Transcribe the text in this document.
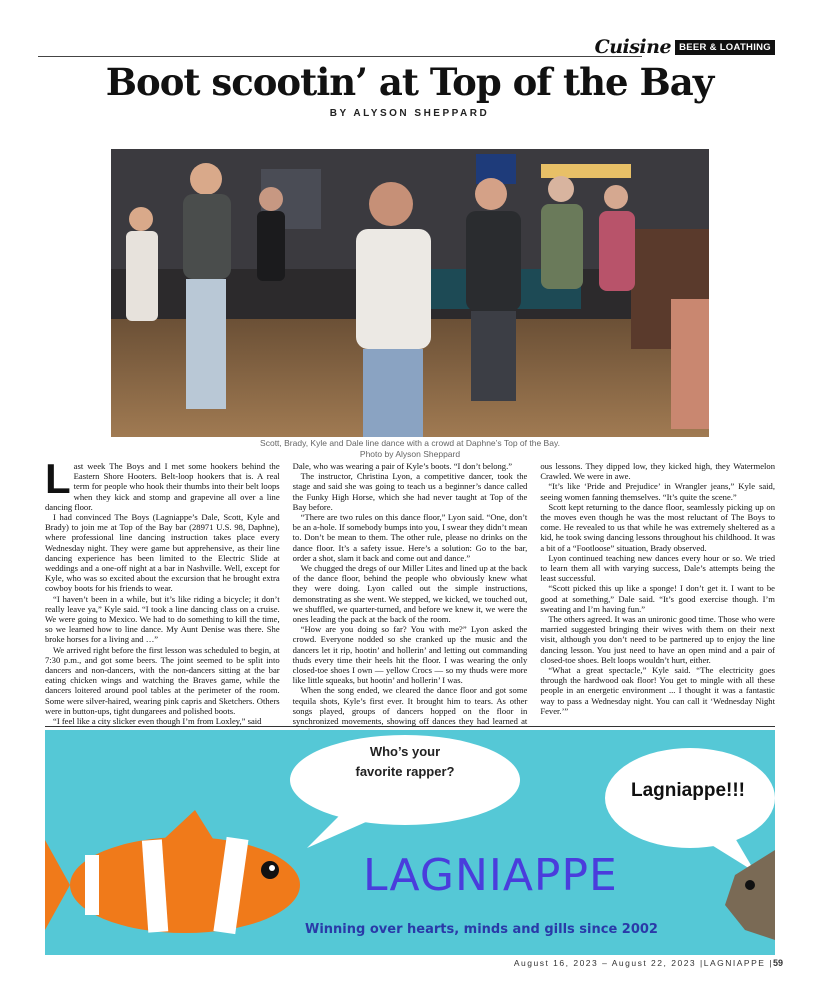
Cuisine BEER & LOATHING
Boot scootin’ at Top of the Bay
BY ALYSON SHEPPARD
Scott, Brady, Kyle and Dale line dance with a crowd at Daphne’s Top of the Bay.
Photo by Alyson Sheppard
L ast week The Boys and I met some hookers behind the Eastern Shore Hooters. Belt-loop hookers that is. A real term for people who hook their thumbs into their belt loops when they kick and stomp and grapevine all over a line dancing floor.

I had convinced The Boys (Lagniappe’s Dale, Scott, Kyle and Brady) to join me at Top of the Bay bar (28971 U.S. 98, Daphne), where professional line dancing instruction takes place every Wednesday night. They were game but apprehensive, as their line dancing experience has been limited to the Electric Slide at weddings and a one-off night at a bar in Nashville. Well, except for Kyle, who was so excited about the excursion that he brought extra cowboy boots for his friends to wear.

“I haven’t been in a while, but it’s like riding a bicycle; it don’t really leave ya,” Kyle said. “I took a line dancing class on a cruise. We were going to Mexico. We had to do something to kill the time, so we learned how to line dance. My Aunt Denise was there. She broke horses for a living and …”

We arrived right before the first lesson was scheduled to begin, at 7:30 p.m., and got some beers. The joint seemed to be split into dancers and non-dancers, with the non-dancers sitting at the bar eating chicken wings and watching the Braves game, while the dancers loitered around pool tables at the perimeter of the room. Some were silver-haired, wearing pink capris and Sketchers. Others were in button-ups, tight dungarees and polished boots.

“I feel like a city slicker even though I’m from Loxley,” said

Dale, who was wearing a pair of Kyle’s boots. “I don’t belong.”

The instructor, Christina Lyon, a competitive dancer, took the stage and said she was going to teach us a beginner’s dance called the Funky High Horse, which she had never taught at Top of the Bay before.

“There are two rules on this dance floor,” Lyon said. “One, don’t be an a-hole. If somebody bumps into you, I swear they didn’t mean to. Don’t be mean to them. The other rule, please no drinks on the dance floor. It’s a safety issue. Here’s a solution: Go to the bar, order a shot, slam it back and come out and dance.”

We chugged the dregs of our Miller Lites and lined up at the back of the dance floor, behind the people who obviously knew what they were doing. Lyon called out the simple instructions, demonstrating as she went. We stepped, we kicked, we touched out, we shuffled, we quarter-turned, and before we knew it, we were the ones leading the pack at the back of the room.

“How are you doing so far? You with me?” Lyon asked the crowd. Everyone nodded so she cranked up the music and the dancers let it rip, hootin’ and hollerin’ and letting out commanding thuds every time their heels hit the floor. I was wearing the only closed-toe shoes I own — yellow Crocs — so my thuds were more like little squeaks, but hootin’ and hollerin’ I was.

When the song ended, we cleared the dance floor and got some tequila shots, Kyle’s first ever. It brought him to tears. As other songs played, groups of dancers hopped on the floor in synchronized movements, showing off dances they had learned at

ous lessons. They dipped low, they kicked high, they Watermelon Crawled. We were in awe.

“It’s like ‘Pride and Prejudice’ in Wrangler jeans,” Kyle said, seeing women fanning themselves. “It’s quite the scene.”

Scott kept returning to the dance floor, seamlessly picking up on the moves even though he was the most reluctant of The Boys to come. He revealed to us that while he was extremely sheltered as a kid, he took swing dancing lessons throughout his childhood. It was a bit of a “Footloose” situation, Brady observed.

Lyon continued teaching new dances every hour or so. We tried to learn them all with varying success, Dale’s attempts being the least successful.

“Scott picked this up like a sponge! I don’t get it. I want to be good at something,” Dale said. “It’s good exercise though. I’m sweating and I’m having fun.”

The others agreed. It was an unironic good time. Those who were married suggested bringing their wives with them on their next visit, although you don’t need to be partnered up to enjoy the line dancing lesson. You just need to have an open mind and a pair of closed-toe shoes. Belt loops wouldn’t hurt, either.

“What a great spectacle,” Kyle said. “The electricity goes through the hardwood oak floor! You get to mingle with all these people in an energetic environment ... I thought it was a fantastic way to pass a Wednesday night. You can call it ‘Wednesday Night Fever.’”

Who’s your
favorite rapper?
Lagniappe!!!
LAGNIAPPE
Winning over hearts, minds and gills since 2002
August 16, 2023 – August 22, 2023 |LAGNIAPPE |59
